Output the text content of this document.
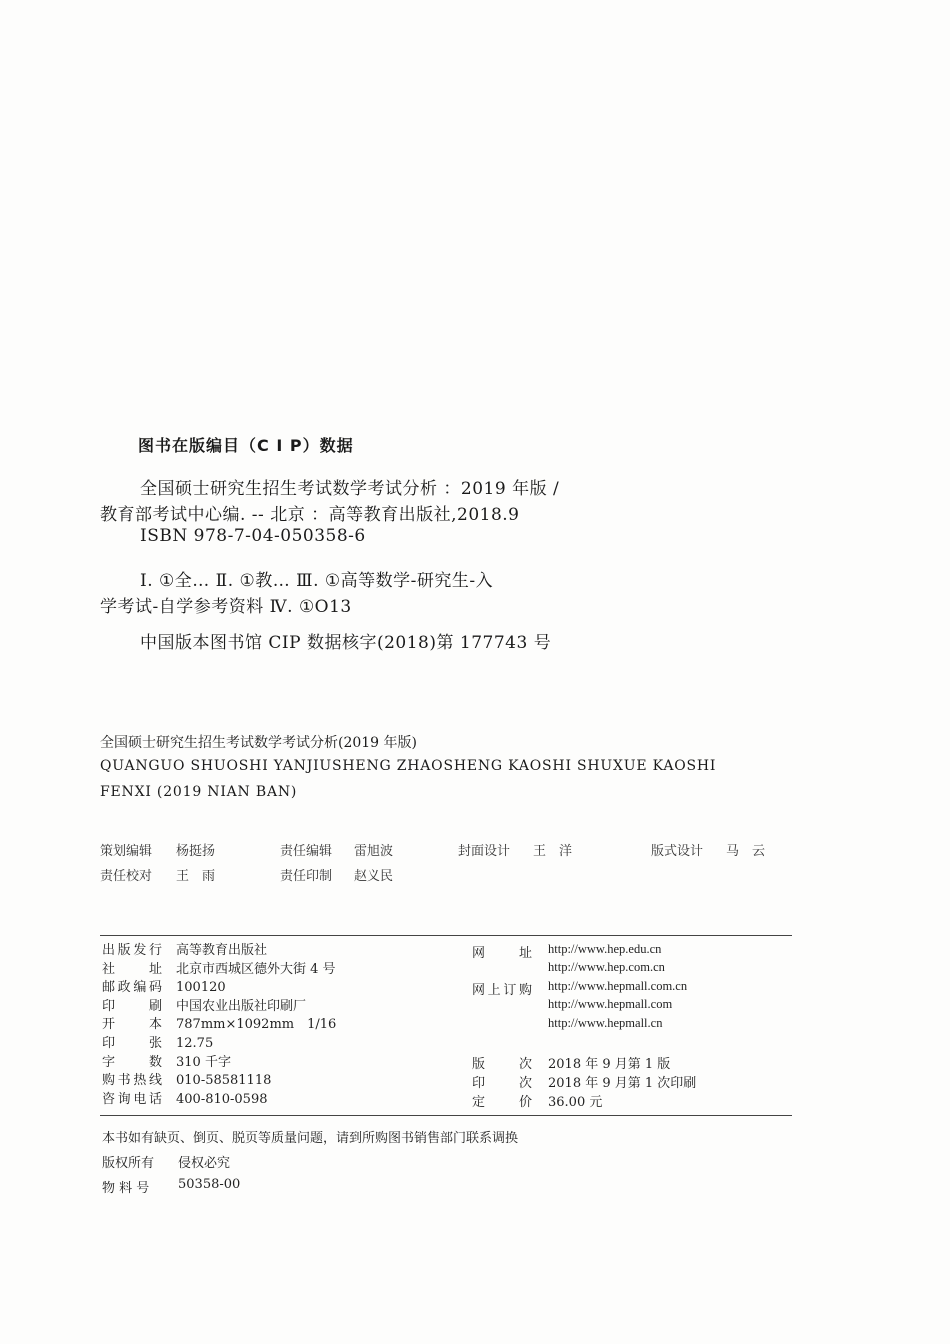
图书在版编目（C I P）数据
全国硕士研究生招生考试数学考试分析 ：2019 年版 /
教育部考试中心编. -- 北京 ：高等教育出版社,2018.9
ISBN 978-7-04-050358-6
Ⅰ. ①全… Ⅱ. ①教… Ⅲ. ①高等数学-研究生-入
学考试-自学参考资料 Ⅳ. ①O13
中国版本图书馆 CIP 数据核字(2018)第 177743 号
全国硕士研究生招生考试数学考试分析(2019 年版)
QUANGUO SHUOSHI YANJIUSHENG ZHAOSHENG KAOSHI SHUXUE KAOSHI
FENXI (2019 NIAN BAN)
策划编辑 杨挺扬	责任编辑 雷旭波	封面设计 王　洋	版式设计 马　云
责任校对 王　雨	责任印制 赵义民
出版发行 高等教育出版社
社　　址 北京市西城区德外大街 4 号
邮政编码 100120
印　　刷 中国农业出版社印刷厂
开　　本 787mm×1092mm　1/16
印　　张 12.75
字　　数 310 千字
购书热线 010-58581118
咨询电话 400-810-0598
网　　址 http://www.hep.edu.cn
http://www.hep.com.cn
网上订购 http://www.hepmall.com.cn
http://www.hepmall.com
http://www.hepmall.cn
版　　次 2018 年 9 月第 1 版
印　　次 2018 年 9 月第 1 次印刷
定　　价 36.00 元
本书如有缺页、倒页、脱页等质量问题，请到所购图书销售部门联系调换
版权所有 侵权必究
物 料 号 50358-00
